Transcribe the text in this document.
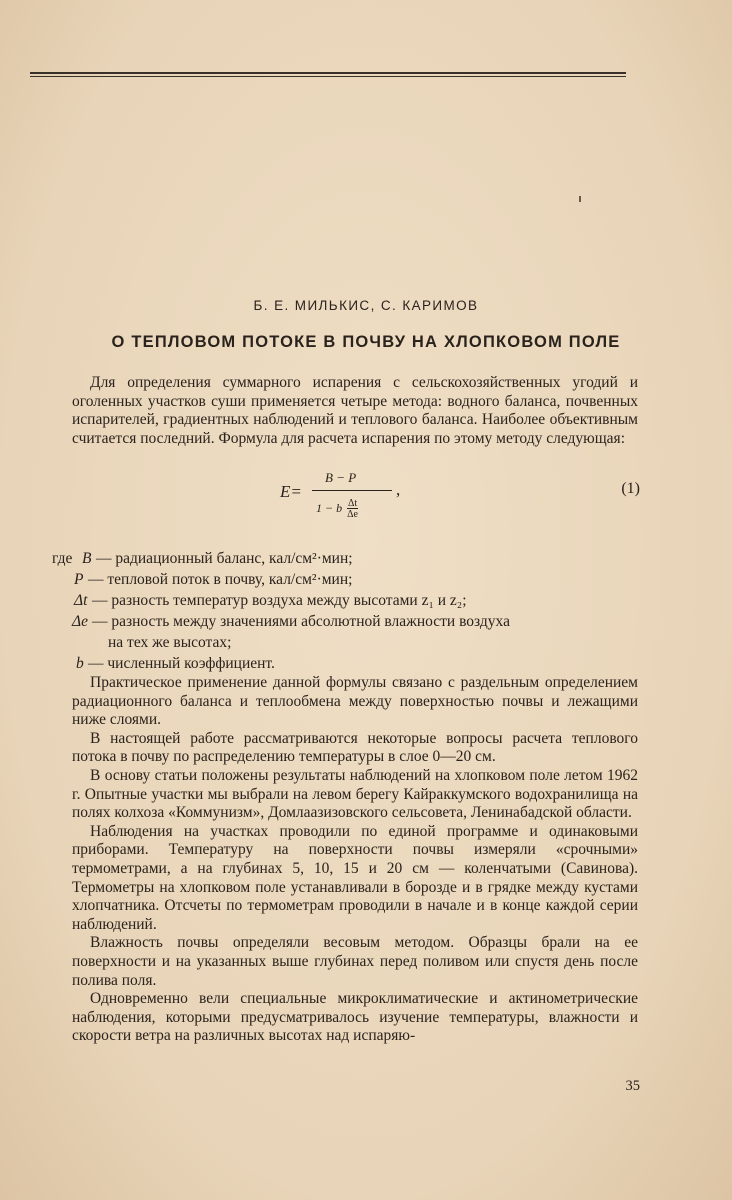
Б. Е. МИЛЬКИС, С. КАРИМОВ
О ТЕПЛОВОМ ПОТОКЕ В ПОЧВУ НА ХЛОПКОВОМ ПОЛЕ

Для определения суммарного испарения с сельскохозяйственных угодий и оголенных участков суши применяется четыре метода: водного баланса, почвенных испарителей, градиентных наблюдений и теплового баланса. Наиболее объективным считается последний. Формула для расчета испарения по этому методу следующая:

E=
B − P
1 − b $\frac{\Delta t}{\Delta e}$
,	(1)
где B — радиационный баланс, кал/см²·мин;
P — тепловой поток в почву, кал/см²·мин;
Δt — разность температур воздуха между высотами z₁ и z₂;
Δe — разность между значениями абсолютной влажности воздуха
на тех же высотах;
b — численный коэффициент.

Практическое применение данной формулы связано с раздельным определением радиационного баланса и теплообмена между поверхностью почвы и лежащими ниже слоями.

В настоящей работе рассматриваются некоторые вопросы расчета теплового потока в почву по распределению температуры в слое 0—20 см.

В основу статьи положены результаты наблюдений на хлопковом поле летом 1962 г. Опытные участки мы выбрали на левом берегу Кайраккумского водохранилища на полях колхоза «Коммунизм», Домлаазизовского сельсовета, Ленинабадской области.

Наблюдения на участках проводили по единой программе и одинаковыми приборами. Температуру на поверхности почвы измеряли «срочными» термометрами, а на глубинах 5, 10, 15 и 20 см — коленчатыми (Савинова). Термометры на хлопковом поле устанавливали в борозде и в грядке между кустами хлопчатника. Отсчеты по термометрам проводили в начале и в конце каждой серии наблюдений.

Влажность почвы определяли весовым методом. Образцы брали на ее поверхности и на указанных выше глубинах перед поливом или спустя день после полива поля.

Одновременно вели специальные микроклиматические и актинометрические наблюдения, которыми предусматривалось изучение температуры, влажности и скорости ветра на различных высотах над испаряю-

35
